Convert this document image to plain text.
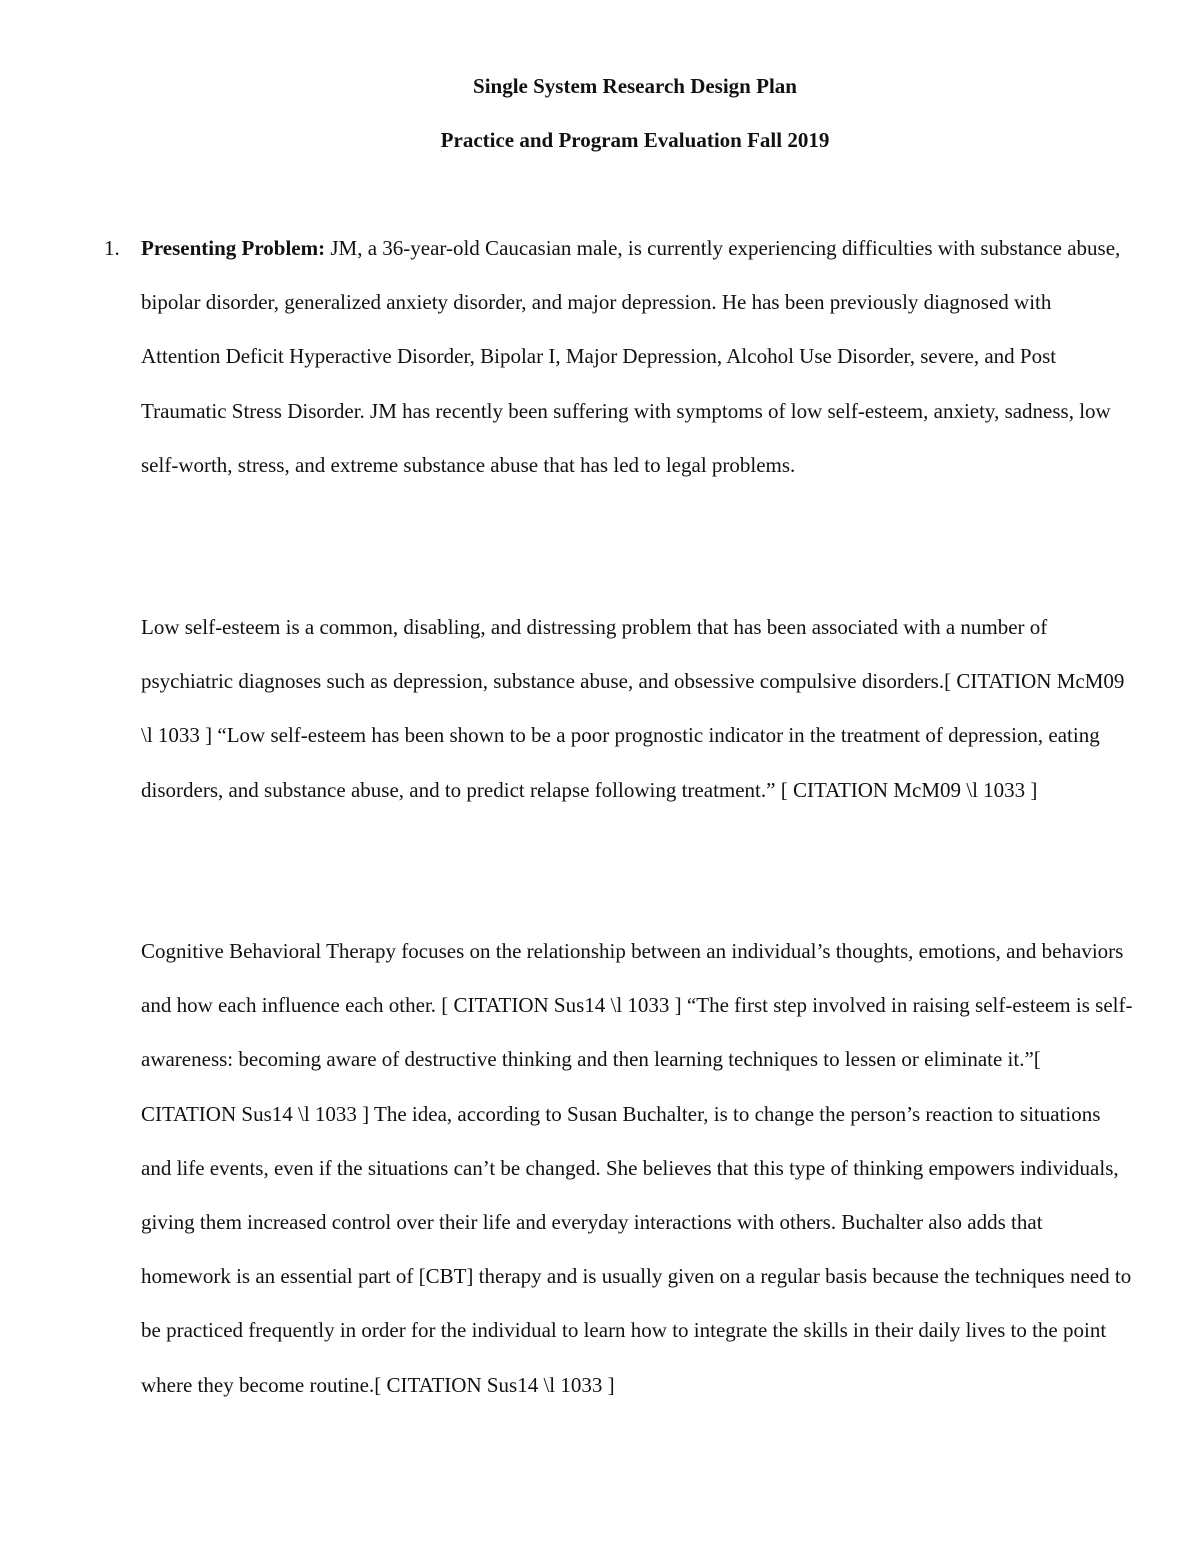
Single System Research Design Plan
Practice and Program Evaluation Fall 2019
1. Presenting Problem: JM, a 36-year-old Caucasian male, is currently experiencing difficulties with substance abuse, bipolar disorder, generalized anxiety disorder, and major depression. He has been previously diagnosed with Attention Deficit Hyperactive Disorder, Bipolar I, Major Depression, Alcohol Use Disorder, severe, and Post Traumatic Stress Disorder. JM has recently been suffering with symptoms of low self-esteem, anxiety, sadness, low self-worth, stress, and extreme substance abuse that has led to legal problems.

Low self-esteem is a common, disabling, and distressing problem that has been associated with a number of psychiatric diagnoses such as depression, substance abuse, and obsessive compulsive disorders.[ CITATION McM09 \l 1033 ] “Low self-esteem has been shown to be a poor prognostic indicator in the treatment of depression, eating disorders, and substance abuse, and to predict relapse following treatment.” [ CITATION McM09 \l 1033 ]

Cognitive Behavioral Therapy focuses on the relationship between an individual’s thoughts, emotions, and behaviors and how each influence each other. [ CITATION Sus14 \l 1033 ] “The first step involved in raising self-esteem is self-awareness: becoming aware of destructive thinking and then learning techniques to lessen or eliminate it.”[ CITATION Sus14 \l 1033 ] The idea, according to Susan Buchalter, is to change the person’s reaction to situations and life events, even if the situations can’t be changed. She believes that this type of thinking empowers individuals, giving them increased control over their life and everyday interactions with others. Buchalter also adds that homework is an essential part of [CBT] therapy and is usually given on a regular basis because the techniques need to be practiced frequently in order for the individual to learn how to integrate the skills in their daily lives to the point where they become routine.[ CITATION Sus14 \l 1033 ]
